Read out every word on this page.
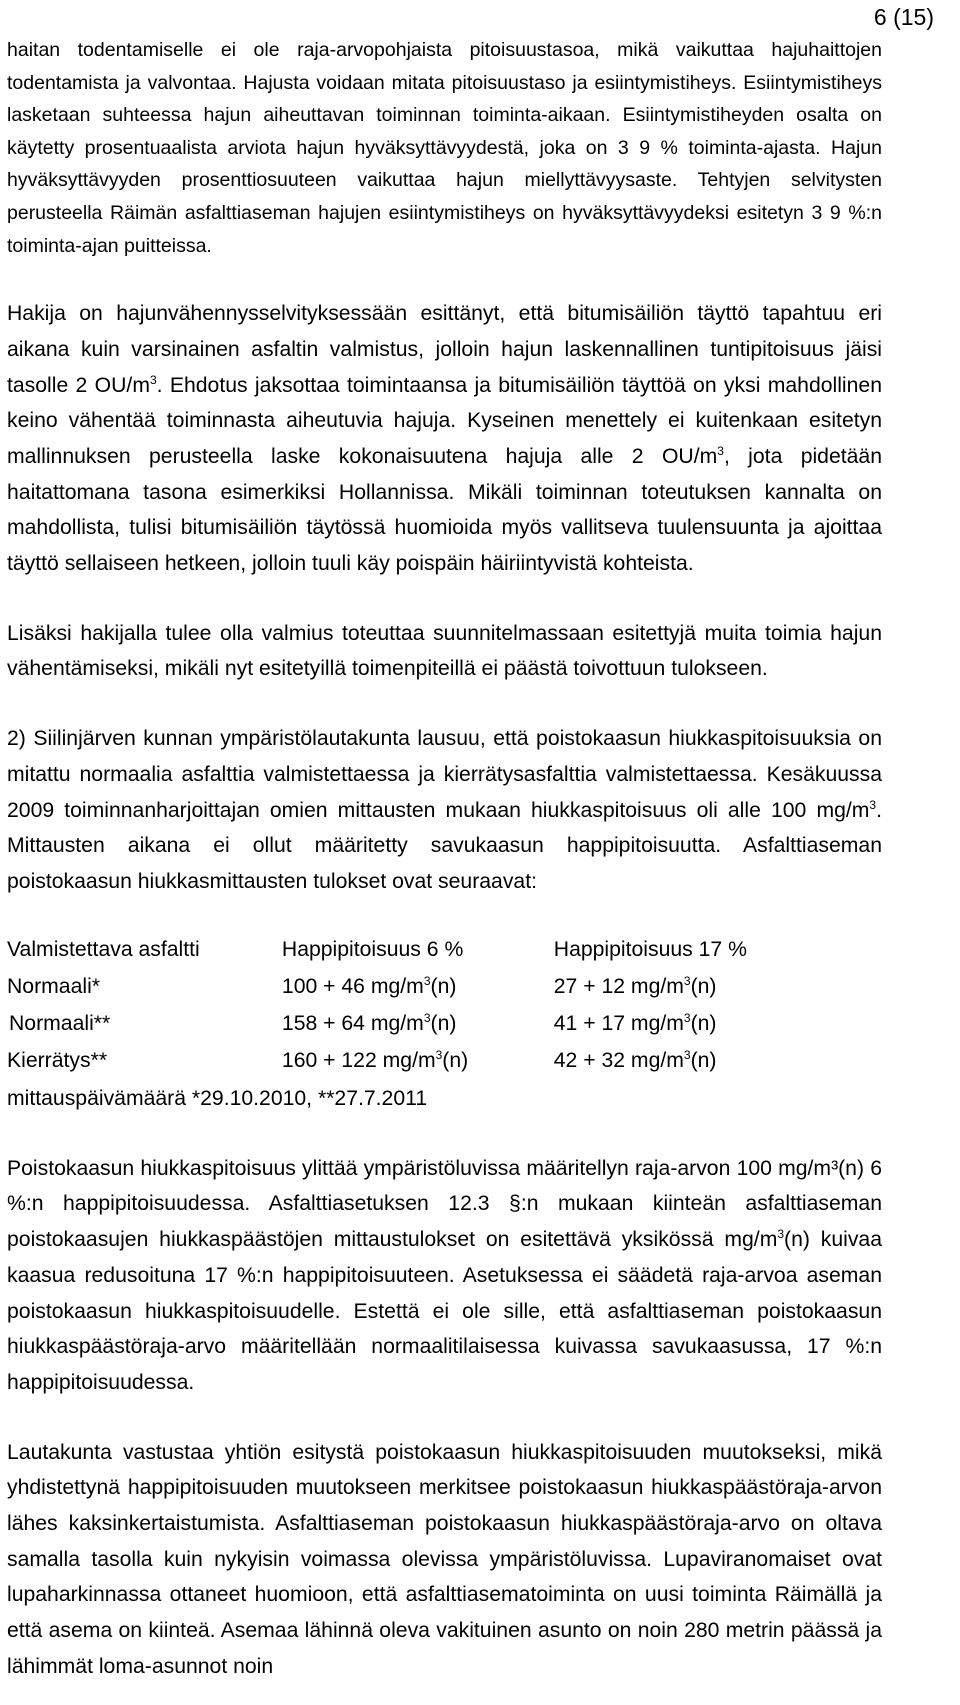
6 (15)

haitan todentamiselle ei ole raja-arvopohjaista pitoisuustasoa, mikä vaikuttaa hajuhaittojen todentamista ja valvontaa. Hajusta voidaan mitata pitoisuustaso ja esiintymistiheys. Esiintymistiheys lasketaan suhteessa hajun aiheuttavan toiminnan toiminta-aikaan. Esiintymistiheyden osalta on käytetty prosentuaalista arviota hajun hyväksyttävyydestä, joka on 3 9 % toiminta-ajasta. Hajun hyväksyttävyyden prosenttiosuuteen vaikuttaa hajun miellyttävyysaste. Tehtyjen selvitysten perusteella Räimän asfalttiaseman hajujen esiintymistiheys on hyväksyttävyydeksi esitetyn 3 9 %:n toiminta-ajan puitteissa.

Hakija on hajunvähennysselvityksessään esittänyt, että bitumisäiliön täyttö tapahtuu eri aikana kuin varsinainen asfaltin valmistus, jolloin hajun laskennallinen tuntipitoisuus jäisi tasolle 2 $OU/m^3$. Ehdotus jaksottaa toimintaansa ja bitumisäiliön täyttöä on yksi mahdollinen keino vähentää toiminnasta aiheutuvia hajuja. Kyseinen menettely ei kuitenkaan esitetyn mallinnuksen perusteella laske kokonaisuutena hajuja alle 2 $OU/m^3$, jota pidetään haitattomana tasona esimerkiksi Hollannissa. Mikäli toiminnan toteutuksen kannalta on mahdollista, tulisi bitumisäiliön täytössä huomioida myös vallitseva tuulensuunta ja ajoittaa täyttö sellaiseen hetkeen, jolloin tuuli käy poispäin häiriintyvistä kohteista.

Lisäksi hakijalla tulee olla valmius toteuttaa suunnitelmassaan esitettyjä muita toimia hajun vähentämiseksi, mikäli nyt esitetyillä toimenpiteillä ei päästä toivottuun tulokseen.

2) Siilinjärven kunnan ympäristölautakunta lausuu, että poistokaasun hiukkaspitoisuuksia on mitattu normaalia asfalttia valmistettaessa ja kierrätysasfalttia valmistettaessa. Kesäkuussa 2009 toiminnanharjoittajan omien mittausten mukaan hiukkaspitoisuus oli alle 100 $mg/m^3$. Mittausten aikana ei ollut määritetty savukaasun happipitoisuutta. Asfalttiaseman poistokaasun hiukkasmittausten tulokset ovat seuraavat:

Valmistettava asfaltti	Happipitoisuus 6 %	Happipitoisuus 17 %
Normaali*	100 + 46 $mg/m^3(n)$	27 + 12 $mg/m^3(n)$
Normaali**	158 + 64 $mg/m^3(n)$	41 + 17 $mg/m^3(n)$
Kierrätys**	160 + 122 $mg/m^3(n)$	42 + 32 $mg/m^3(n)$
mittauspäivämäärä *29.10.2010, **27.7.2011

Poistokaasun hiukkaspitoisuus ylittää ympäristöluvissa määritellyn raja-arvon 100 mg/m³(n) 6 %:n happipitoisuudessa. Asfalttiasetuksen 12.3 §:n mukaan kiinteän asfalttiaseman poistokaasujen hiukkaspäästöjen mittaustulokset on esitettävä yksikössä $mg/m^3(n)$ kuivaa kaasua redusoituna 17 %:n happipitoisuuteen. Asetuksessa ei säädetä raja-arvoa aseman poistokaasun hiukkaspitoisuudelle. Estettä ei ole sille, että asfalttiaseman poistokaasun hiukkaspäästöraja-arvo määritellään normaalitilaisessa kuivassa savukaasussa, 17 %:n happipitoisuudessa.

Lautakunta vastustaa yhtiön esitystä poistokaasun hiukkaspitoisuuden muutokseksi, mikä yhdistettynä happipitoisuuden muutokseen merkitsee poistokaasun hiukkaspäästöraja-arvon lähes kaksinkertaistumista. Asfalttiaseman poistokaasun hiukkaspäästöraja-arvo on oltava samalla tasolla kuin nykyisin voimassa olevissa ympäristöluvissa. Lupaviranomaiset ovat lupaharkinnassa ottaneet huomioon, että asfalttiasematoiminta on uusi toiminta Räimällä ja että asema on kiinteä. Asemaa lähinnä oleva vakituinen asunto on noin 280 metrin päässä ja lähimmät loma-asunnot noin
